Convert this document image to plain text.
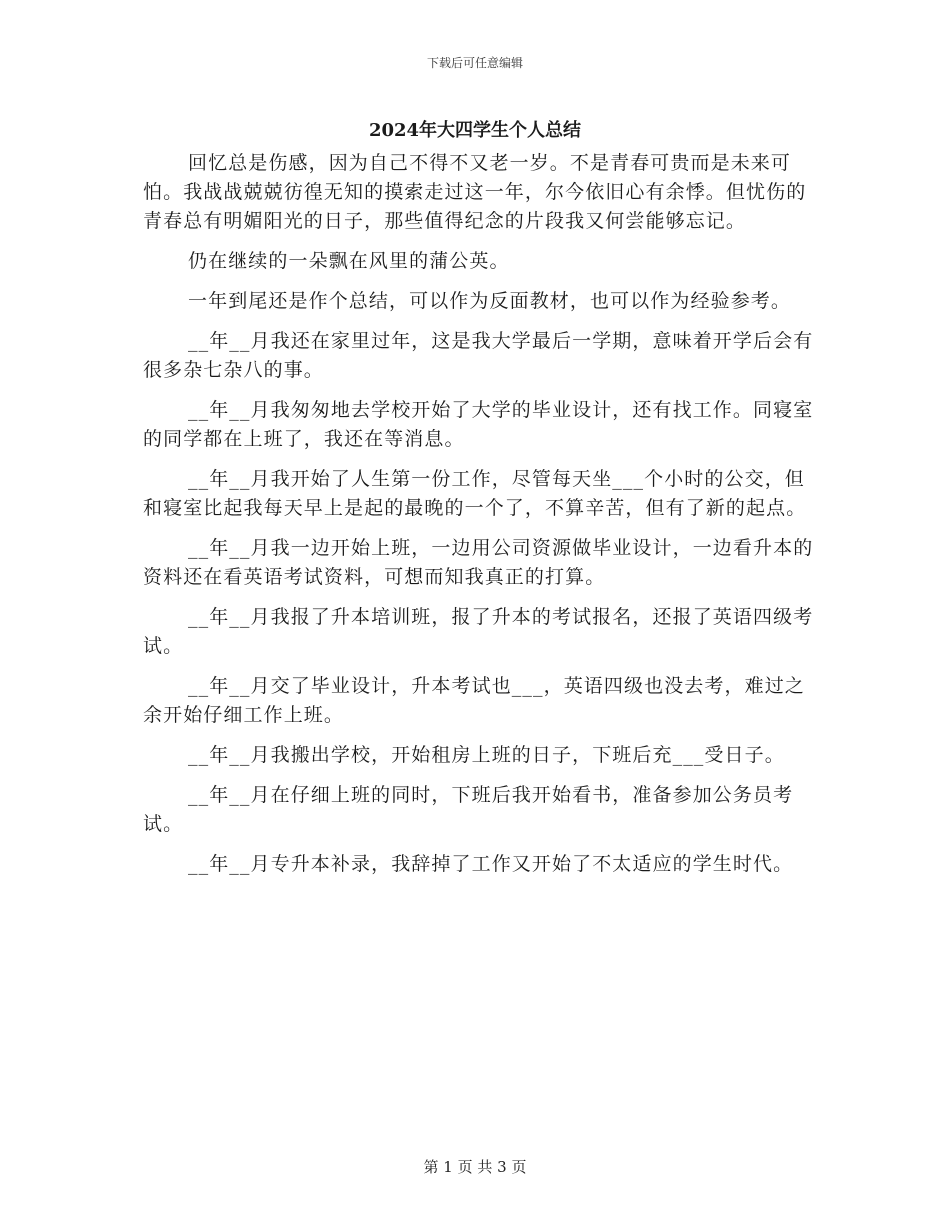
下载后可任意编辑
2024年大四学生个人总结

回忆总是伤感，因为自己不得不又老一岁。不是青春可贵而是未来可怕。我战战兢兢彷徨无知的摸索走过这一年，尔今依旧心有余悸。但忧伤的青春总有明媚阳光的日子，那些值得纪念的片段我又何尝能够忘记。

仍在继续的一朵飘在风里的蒲公英。

一年到尾还是作个总结，可以作为反面教材，也可以作为经验参考。

__年__月我还在家里过年，这是我大学最后一学期，意味着开学后会有很多杂七杂八的事。

__年__月我匆匆地去学校开始了大学的毕业设计，还有找工作。同寝室的同学都在上班了，我还在等消息。

__年__月我开始了人生第一份工作，尽管每天坐___个小时的公交，但和寝室比起我每天早上是起的最晚的一个了，不算辛苦，但有了新的起点。

__年__月我一边开始上班，一边用公司资源做毕业设计，一边看升本的资料还在看英语考试资料，可想而知我真正的打算。

__年__月我报了升本培训班，报了升本的考试报名，还报了英语四级考试。

__年__月交了毕业设计，升本考试也___，英语四级也没去考，难过之余开始仔细工作上班。

__年__月我搬出学校，开始租房上班的日子，下班后充___受日子。

__年__月在仔细上班的同时，下班后我开始看书，准备参加公务员考试。

__年__月专升本补录，我辞掉了工作又开始了不太适应的学生时代。

第 1 页 共 3 页
